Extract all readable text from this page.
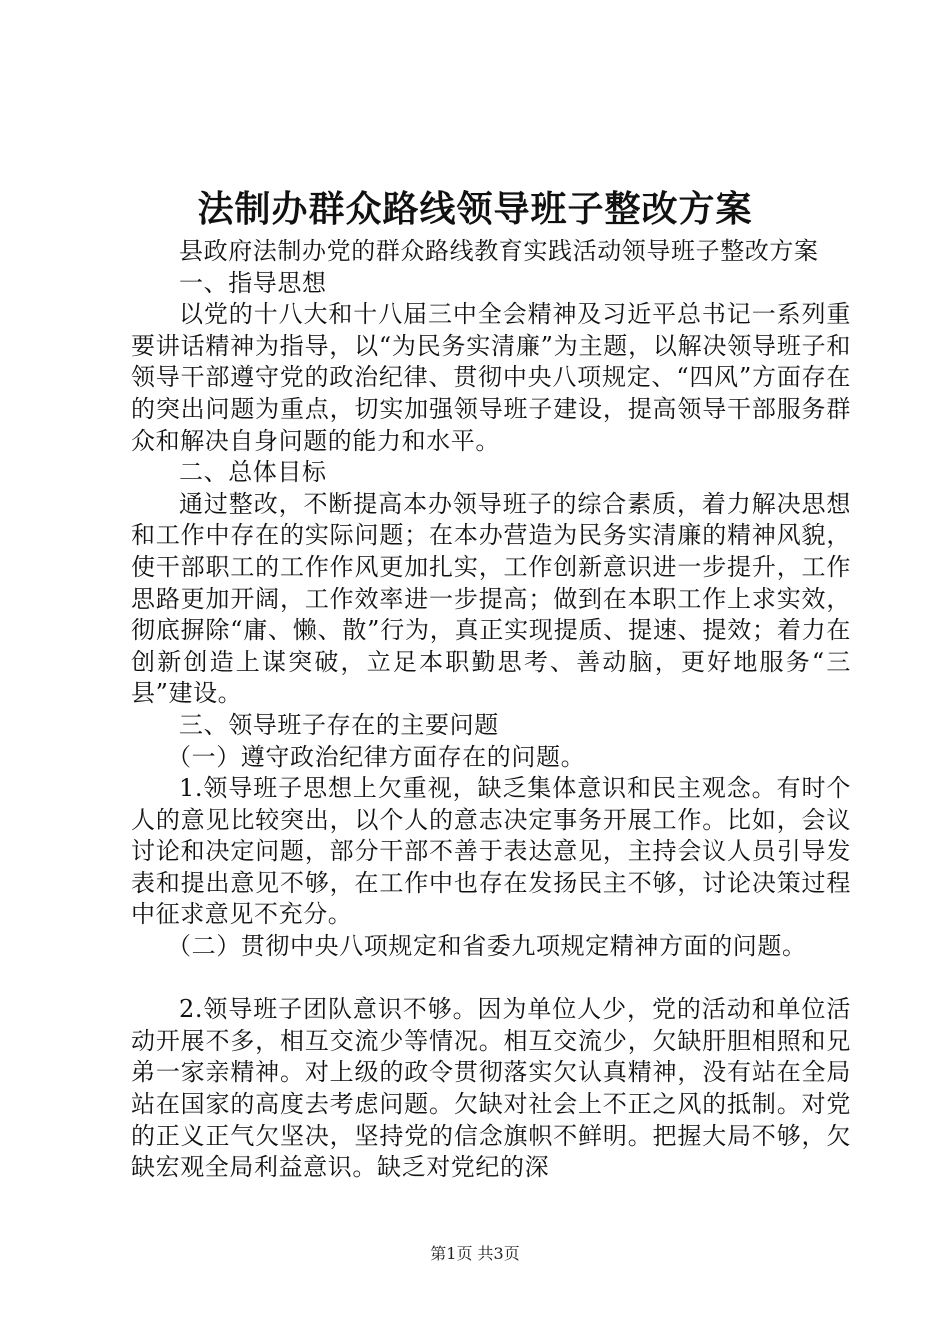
法制办群众路线领导班子整改方案

县政府法制办党的群众路线教育实践活动领导班子整改方案

一、指导思想

以党的十八大和十八届三中全会精神及习近平总书记一系列重要讲话精神为指导，以“为民务实清廉”为主题，以解决领导班子和领导干部遵守党的政治纪律、贯彻中央八项规定、“四风”方面存在的突出问题为重点，切实加强领导班子建设，提高领导干部服务群众和解决自身问题的能力和水平。

二、总体目标

通过整改，不断提高本办领导班子的综合素质，着力解决思想和工作中存在的实际问题；在本办营造为民务实清廉的精神风貌，使干部职工的工作作风更加扎实，工作创新意识进一步提升，工作思路更加开阔，工作效率进一步提高；做到在本职工作上求实效，彻底摒除“庸、懒、散”行为，真正实现提质、提速、提效；着力在创新创造上谋突破，立足本职勤思考、善动脑，更好地服务“三县”建设。

三、领导班子存在的主要问题

（一）遵守政治纪律方面存在的问题。

1.领导班子思想上欠重视，缺乏集体意识和民主观念。有时个人的意见比较突出，以个人的意志决定事务开展工作。比如，会议讨论和决定问题，部分干部不善于表达意见，主持会议人员引导发表和提出意见不够，在工作中也存在发扬民主不够，讨论决策过程中征求意见不充分。

（二）贯彻中央八项规定和省委九项规定精神方面的问题。

2.领导班子团队意识不够。因为单位人少，党的活动和单位活动开展不多，相互交流少等情况。相互交流少，欠缺肝胆相照和兄弟一家亲精神。对上级的政令贯彻落实欠认真精神，没有站在全局站在国家的高度去考虑问题。欠缺对社会上不正之风的抵制。对党的正义正气欠坚决，坚持党的信念旗帜不鲜明。把握大局不够，欠缺宏观全局利益意识。缺乏对党纪的深

第1页 共3页
